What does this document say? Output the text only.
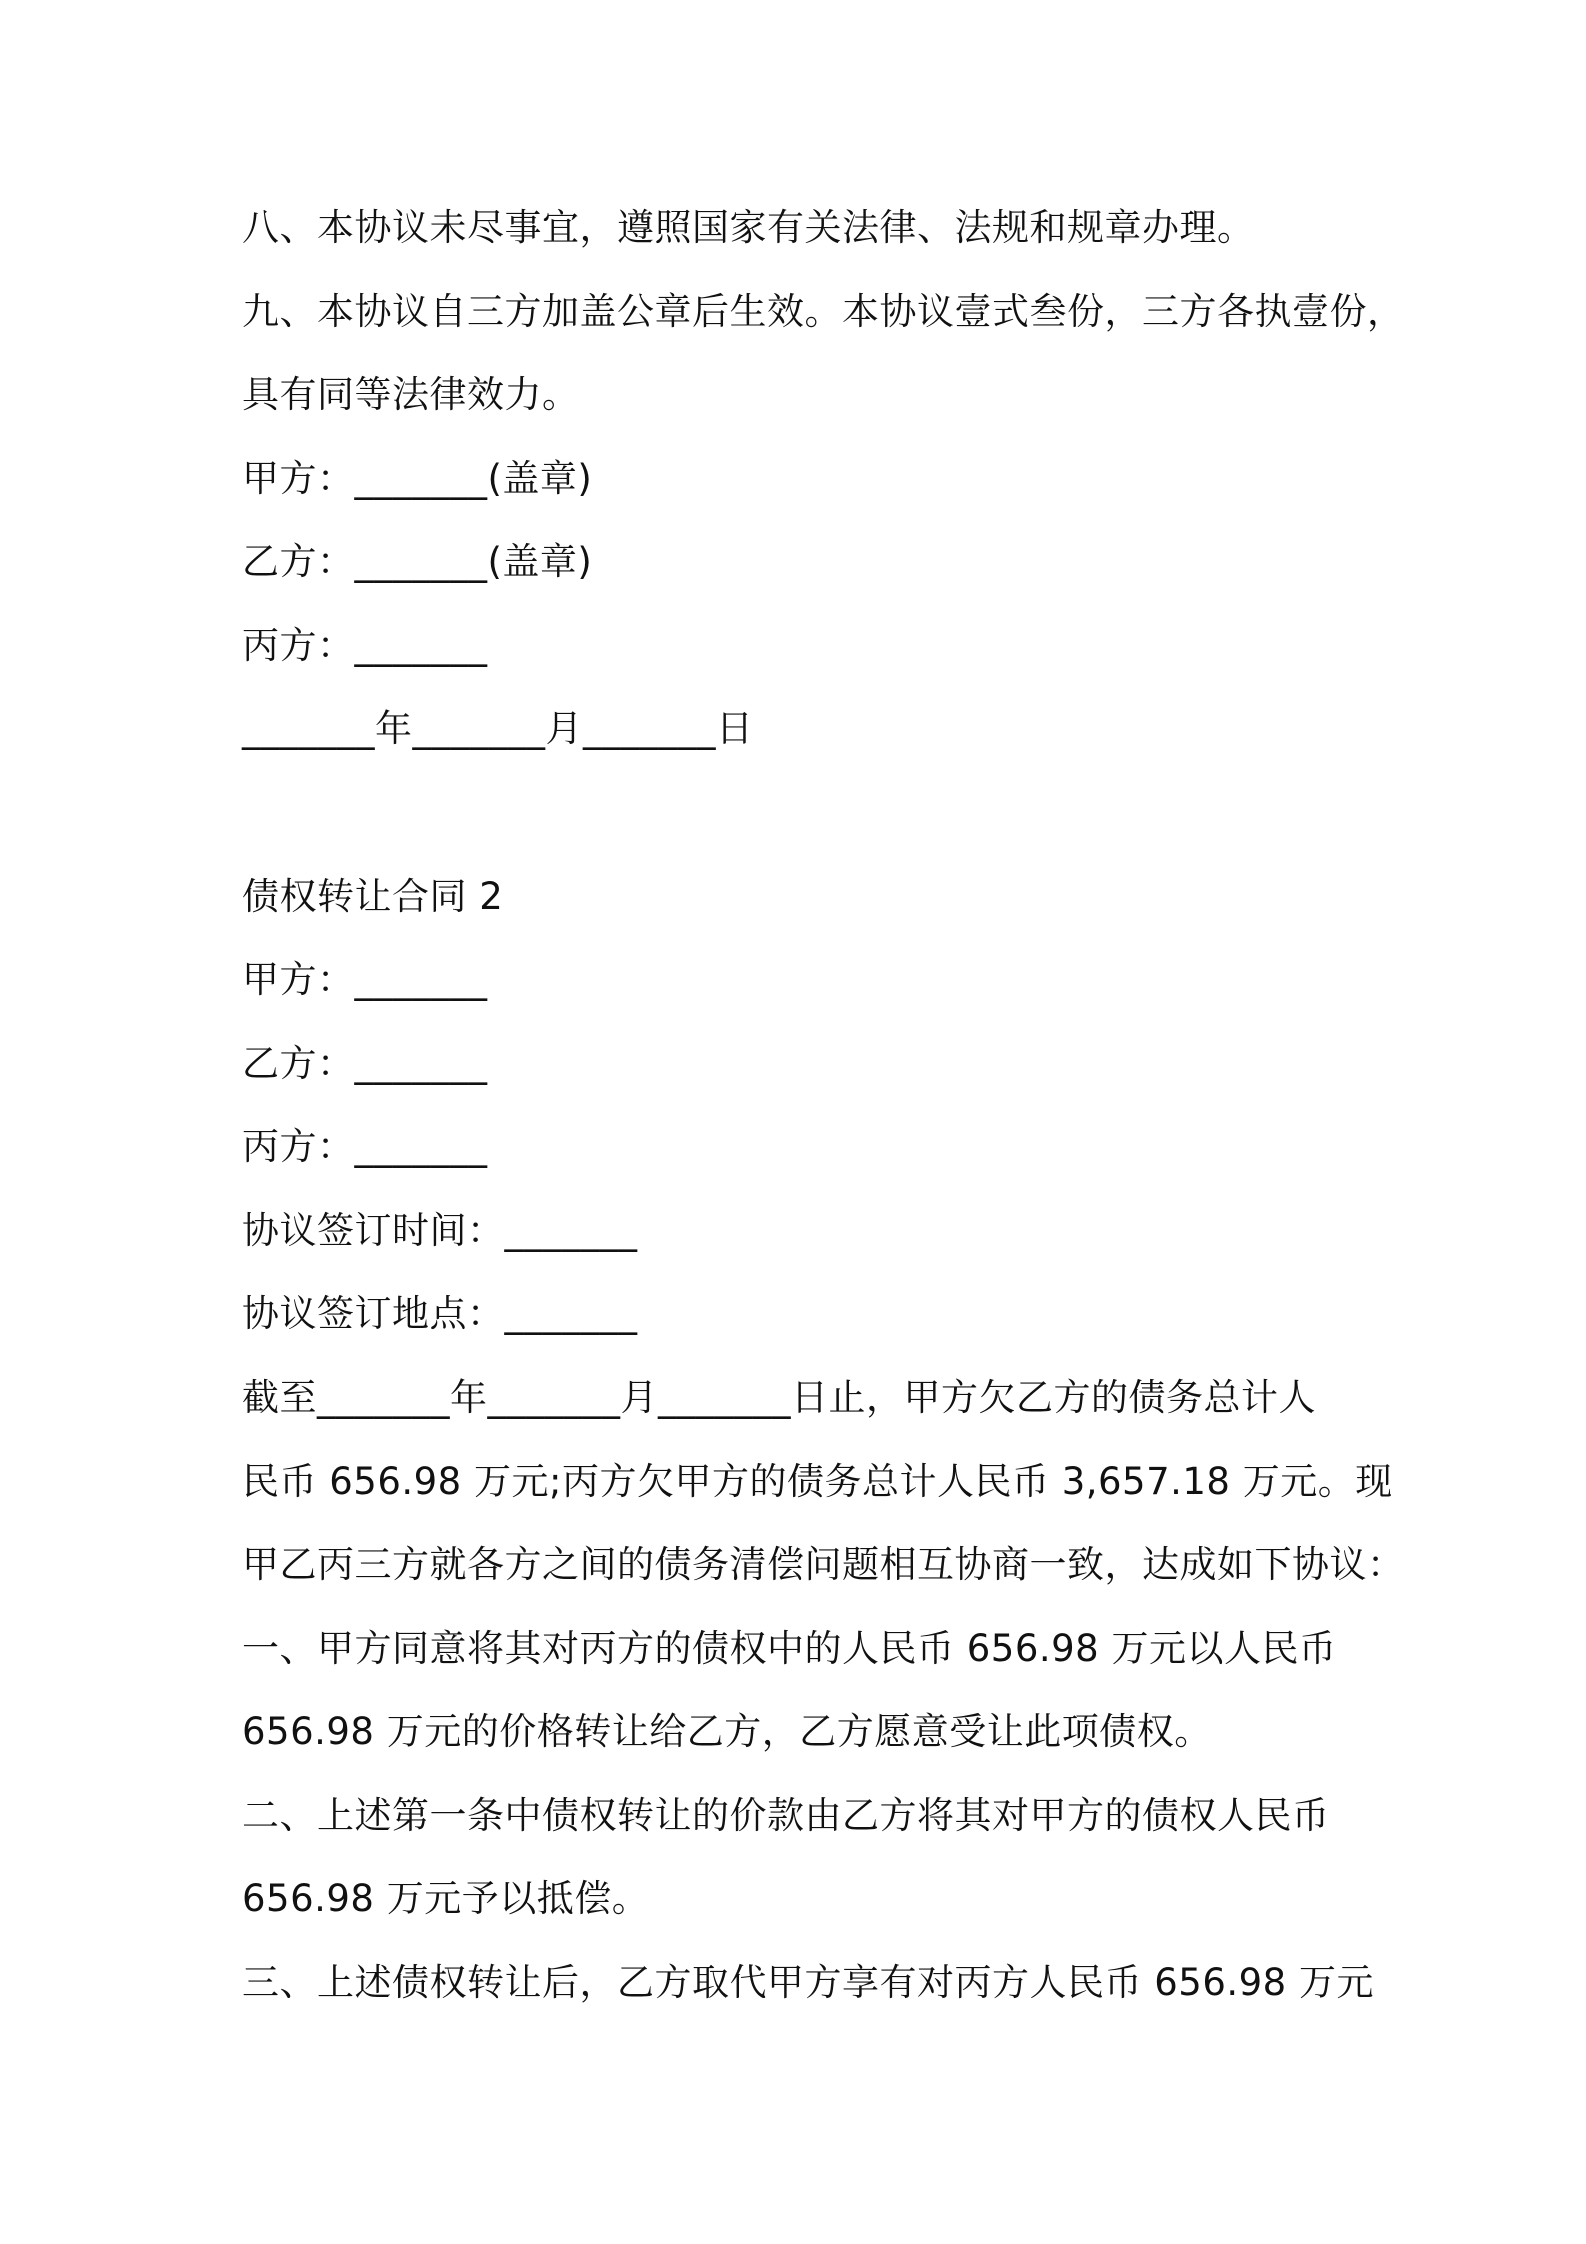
八、本协议未尽事宜，遵照国家有关法律、法规和规章办理。
九、本协议自三方加盖公章后生效。本协议壹式叁份，三方各执壹份，
具有同等法律效力。
甲方：_______(盖章)
乙方：_______(盖章)
丙方：_______
_______年_______月_______日
债权转让合同 2
甲方：_______
乙方：_______
丙方：_______
协议签订时间：_______
协议签订地点：_______
截至_______年_______月_______日止，甲方欠乙方的债务总计人
民币 656.98 万元;丙方欠甲方的债务总计人民币 3,657.18 万元。现
甲乙丙三方就各方之间的债务清偿问题相互协商一致，达成如下协议：
一、甲方同意将其对丙方的债权中的人民币 656.98 万元以人民币
656.98 万元的价格转让给乙方，乙方愿意受让此项债权。
二、上述第一条中债权转让的价款由乙方将其对甲方的债权人民币
656.98 万元予以抵偿。
三、上述债权转让后，乙方取代甲方享有对丙方人民币 656.98 万元
